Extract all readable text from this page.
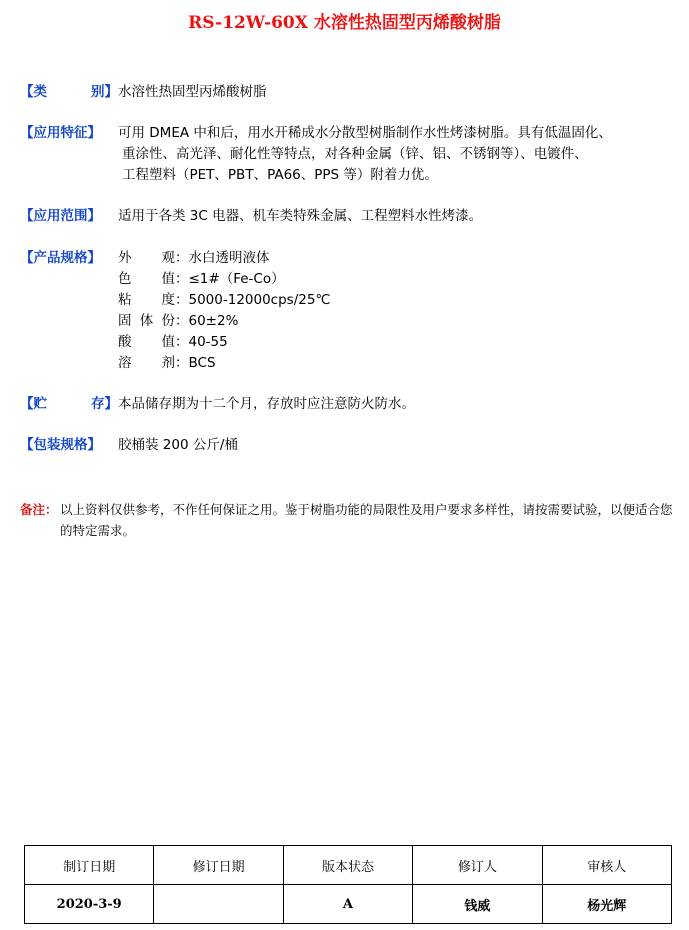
RS-12W-60X 水溶性热固型丙烯酸树脂
【 类	别 】 水溶性热固型丙烯酸树脂
【应用特征】	可用 DMEA 中和后，用水开稀成水分散型树脂制作水性烤漆树脂。具有低温固化、
重涂性、高光泽、耐化性等特点，对各种金属（锌、铝、不锈钢等）、电镀件、
工程塑料（PET、PBT、PA66、PPS 等）附着力优。
【应用范围】	适用于各类 3C 电器、机车类特殊金属、工程塑料水性烤漆。
【产品规格】	外 观 ： 水白透明液体
色 值 ： ≤1#（Fe-Co）
粘 度 ： 5000-12000cps/25℃
固 体 份 ： 60±2%
酸 值 ： 40-55
溶 剂 ： BCS
【 贮	存 】 本品储存期为十二个月，存放时应注意防火防水。
【包装规格】	胶桶装 200 公斤/桶
备注： 以上资料仅供参考，不作任何保证之用。鉴于树脂功能的局限性及用户要求多样性，请按需要试验，以便适合您的特定需求。
制订日期	修订日期	版本状态	修订人	审核人
2020-3-9		A	钱威	杨光辉
